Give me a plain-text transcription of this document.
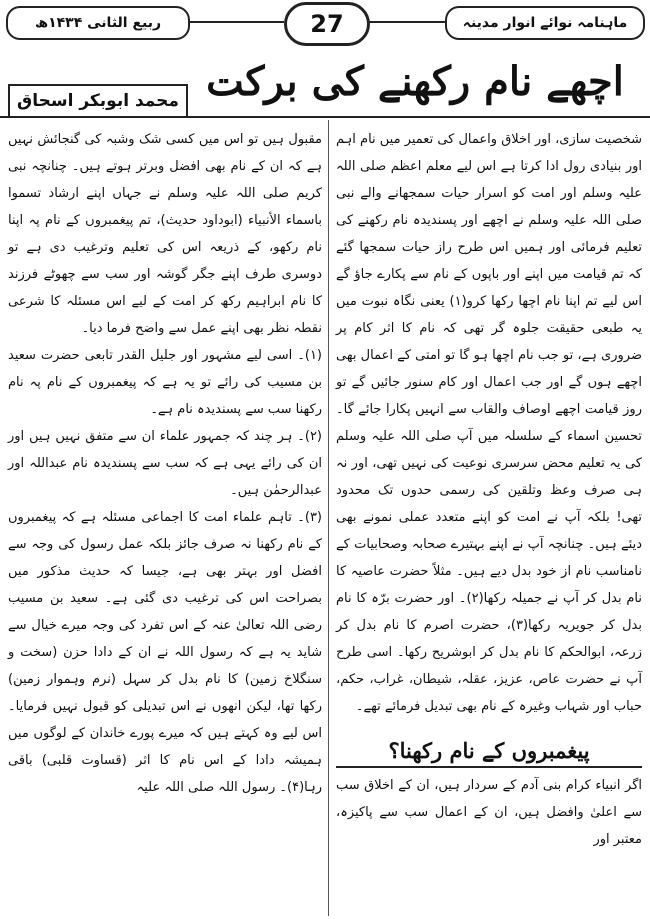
ماہنامہ نوائے انوار مدینہ
27
ربیع الثانی ۱۴۳۴ھ
اچھے نام رکھنے کی برکت
محمد ابوبکر اسحاق

شخصیت سازی، اور اخلاق واعمال کی تعمیر میں نام اہم اور بنیادی رول ادا کرتا ہے اس لیے معلم اعظم صلی اللہ علیہ وسلم اور امت کو اسرار حیات سمجھانے والے نبی صلی اللہ علیہ وسلم نے اچھے اور پسندیدہ نام رکھنے کی تعلیم فرمائی اور ہمیں اس طرح راز حیات سمجھا گئے کہ تم قیامت میں اپنے اور باپوں کے نام سے پکارے جاؤ گے اس لیے تم اپنا نام اچھا رکھا کرو(۱) یعنی نگاہ نبوت میں یہ طبعی حقیقت جلوہ گر تھی کہ نام کا اثر کام پر ضروری ہے، تو جب نام اچھا ہو گا تو امتی کے اعمال بھی اچھے ہوں گے اور جب اعمال اور کام سنور جائیں گے تو روز قیامت اچھے اوصاف والقاب سے انہیں پکارا جائے گا۔ تحسین اسماء کے سلسلہ میں آپ صلی اللہ علیہ وسلم کی یہ تعلیم محض سرسری نوعیت کی نہیں تھی، اور نہ ہی صرف وعظ وتلقین کی رسمی حدوں تک محدود تھی! بلکہ آپ نے امت کو اپنے متعدد عملی نمونے بھی دیئے ہیں۔ چنانچہ آپ نے اپنے بہتیرے صحابہ وصحابیات کے نامناسب نام از خود بدل دیے ہیں۔ مثلاً حضرت عاصیہ کا نام بدل کر آپ نے جمیلہ رکھا(۲)۔ اور حضرت برّہ کا نام بدل کر جویریہ رکھا(۳)، حضرت اصرم کا نام بدل کر زرعہ، ابوالحکم کا نام بدل کر ابوشریح رکھا۔ اسی طرح آپ نے حضرت عاص، عزیز، عقلہ، شیطان، غراب، حکم، حباب اور شہاب وغیرہ کے نام بھی تبدیل فرمائے تھے۔

پیغمبروں کے نام رکھنا؟

اگر انبیاء کرام بنی آدم کے سردار ہیں، ان کے اخلاق سب سے اعلیٰ وافضل ہیں، ان کے اعمال سب سے پاکیزہ، معتبر اور

مقبول ہیں تو اس میں کسی شک وشبہ کی گنجائش نہیں ہے کہ ان کے نام بھی افضل وبرتر ہوتے ہیں۔ چنانچہ نبی کریم صلی اللہ علیہ وسلم نے جہاں اپنے ارشاد تسموا باسماء الأنبیاء (ابوداود حدیث)، تم پیغمبروں کے نام پہ اپنا نام رکھو، کے ذریعہ اس کی تعلیم وترغیب دی ہے تو دوسری طرف اپنے جگر گوشہ اور سب سے چھوٹے فرزند کا نام ابراہیم رکھ کر امت کے لیے اس مسئلہ کا شرعی نقطہ نظر بھی اپنے عمل سے واضح فرما دیا۔

(۱)۔ اسی لیے مشہور اور جلیل القدر تابعی حضرت سعید بن مسیب کی رائے تو یہ ہے کہ پیغمبروں کے نام پہ نام رکھنا سب سے پسندیدہ نام ہے۔

(۲)۔ ہر چند کہ جمہور علماء ان سے متفق نہیں ہیں اور ان کی رائے یہی ہے کہ سب سے پسندیدہ نام عبداللہ اور عبدالرحمٰن ہیں۔

(۳)۔ تاہم علماء امت کا اجماعی مسئلہ ہے کہ پیغمبروں کے نام رکھنا نہ صرف جائز بلکہ عمل رسول کی وجہ سے افضل اور بہتر بھی ہے، جیسا کہ حدیث مذکور میں بصراحت اس کی ترغیب دی گئی ہے۔ سعید بن مسیب رضی اللہ تعالیٰ عنہ کے اس تفرد کی وجہ میرے خیال سے شاید یہ ہے کہ رسول اللہ نے ان کے دادا حزن (سخت و سنگلاخ زمین) کا نام بدل کر سہل (نرم وہموار زمین) رکھا تھا، لیکن انھوں نے اس تبدیلی کو قبول نہیں فرمایا۔ اس لیے وہ کہتے ہیں کہ میرے پورے خاندان کے لوگوں میں ہمیشہ دادا کے اس نام کا اثر (قساوت قلبی) باقی رہا(۴)۔ رسول اللہ صلی اللہ علیہ
